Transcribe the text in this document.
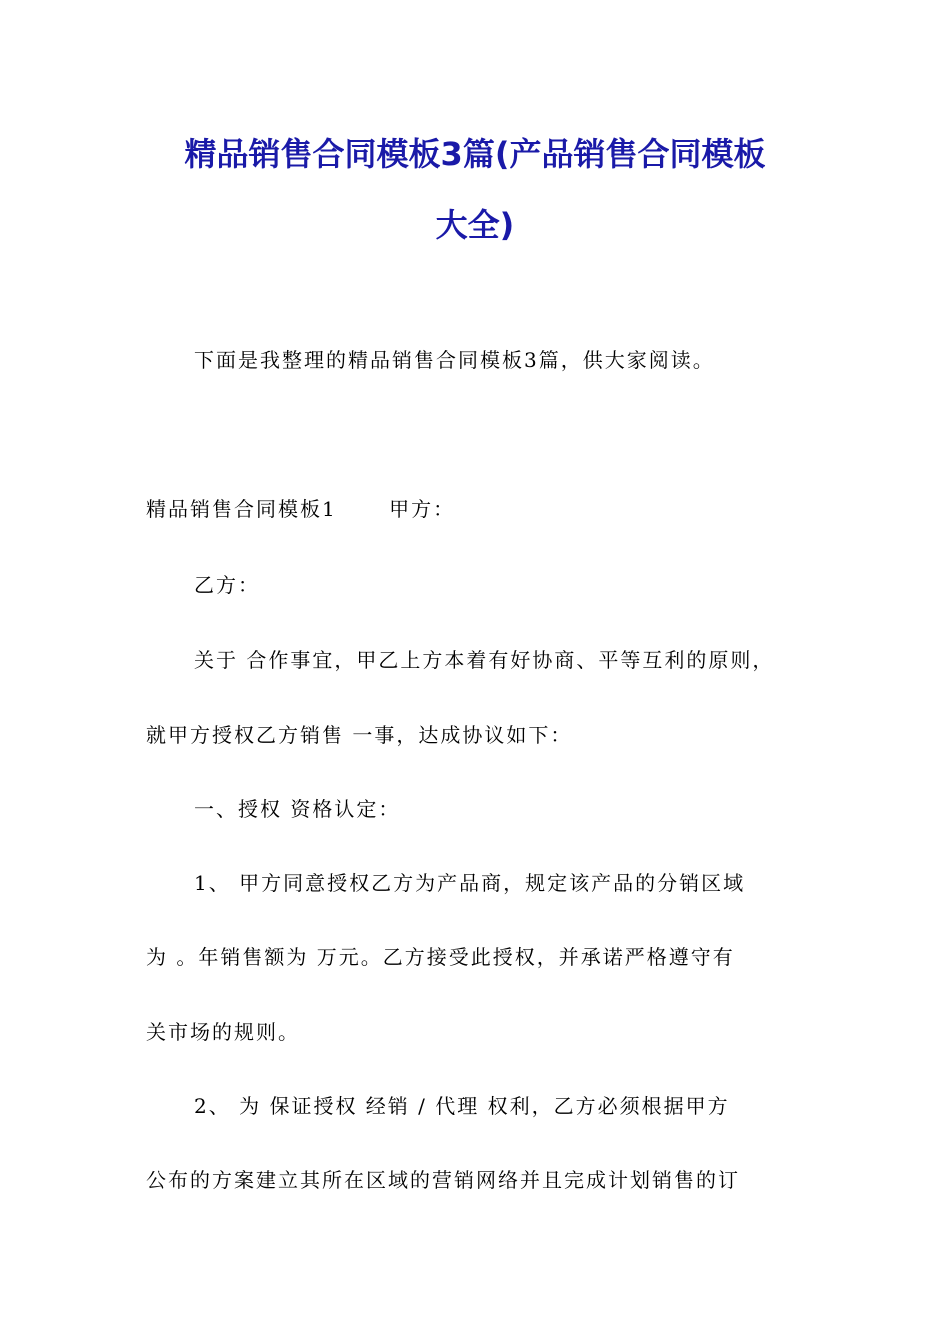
精品销售合同模板3篇(产品销售合同模板
大全)
下面是我整理的精品销售合同模板3篇，供大家阅读。
精品销售合同模板1　　 甲方：
乙方：
关于 合作事宜，甲乙上方本着有好协商、平等互利的原则，
就甲方授权乙方销售 一事，达成协议如下：
一、授权 资格认定：
1、 甲方同意授权乙方为产品商，规定该产品的分销区域
为 。年销售额为 万元。乙方接受此授权，并承诺严格遵守有
关市场的规则。
2、 为 保证授权 经销 / 代理 权利，乙方必须根据甲方
公布的方案建立其所在区域的营销网络并且完成计划销售的订
